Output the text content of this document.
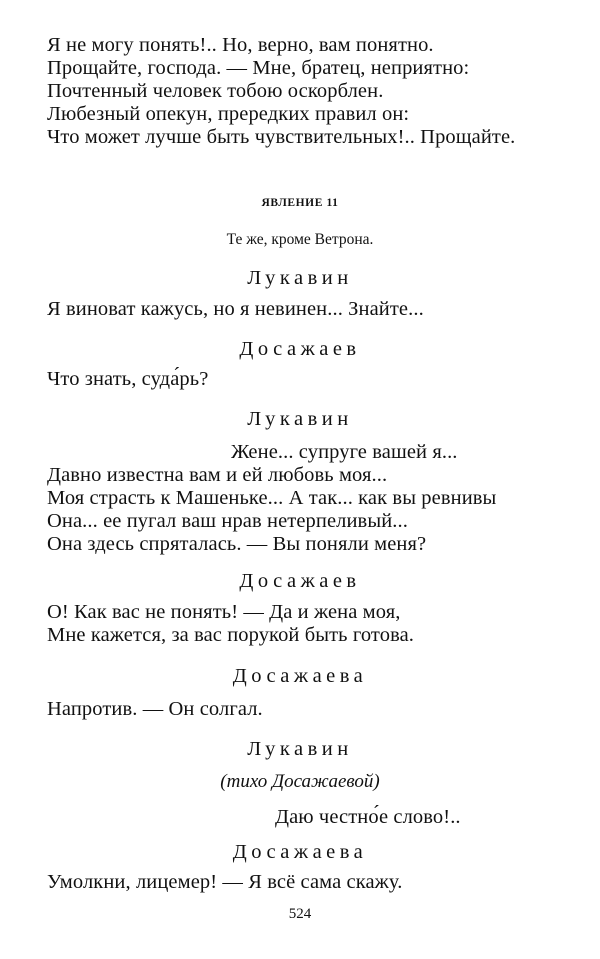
Я не могу понять!.. Но, верно, вам понятно.
Прощайте, господа. — Мне, братец, неприятно:
Почтенный человек тобою оскорблен.
Любезный опекун, прередких правил он:
Что может лучше быть чувствительных!.. Прощайте.
ЯВЛЕНИЕ 11
Те же, кроме Ветрона.
Лукавин
Я виноват кажусь, но я невинен... Знайте...
Досажаев
Что знать, суда́рь?
Лукавин
Жене... супруге вашей я...
Давно известна вам и ей любовь моя...
Моя страсть к Машеньке... А так... как вы ревнивы
Она... ее пугал ваш нрав нетерпеливый...
Она здесь спряталась. — Вы поняли меня?
Досажаев
О! Как вас не понять! — Да и жена моя,
Мне кажется, за вас порукой быть готова.
Досажаева
Напротив. — Он солгал.
Лукавин
(тихо Досажаевой)
Даю честно́е слово!..
Досажаева
Умолкни, лицемер! — Я всё сама скажу.
524
